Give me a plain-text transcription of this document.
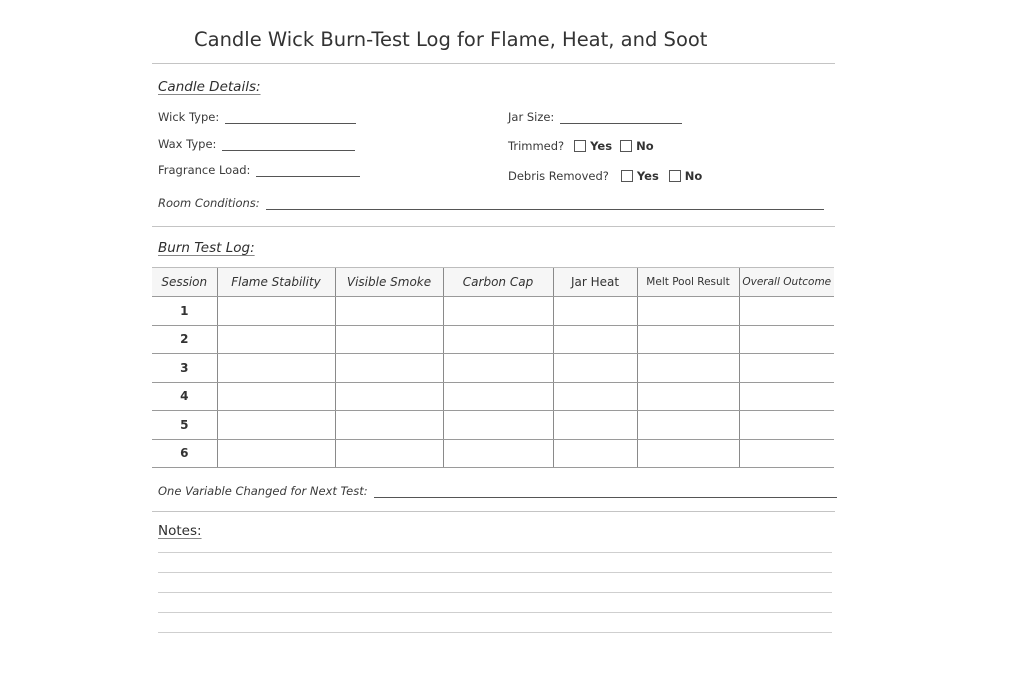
Candle Wick Burn-Test Log for Flame, Heat, and Soot
Candle Details:
Wick Type:
Wax Type:
Fragrance Load:
Jar Size:
Trimmed? Yes No
Debris Removed? Yes No
Room Conditions:
Burn Test Log:
Session	Flame Stability	Visible Smoke	Carbon Cap	Jar Heat	Melt Pool Result	Overall Outcome
1						
2						
3						
4						
5						
6						
One Variable Changed for Next Test:
Notes:
